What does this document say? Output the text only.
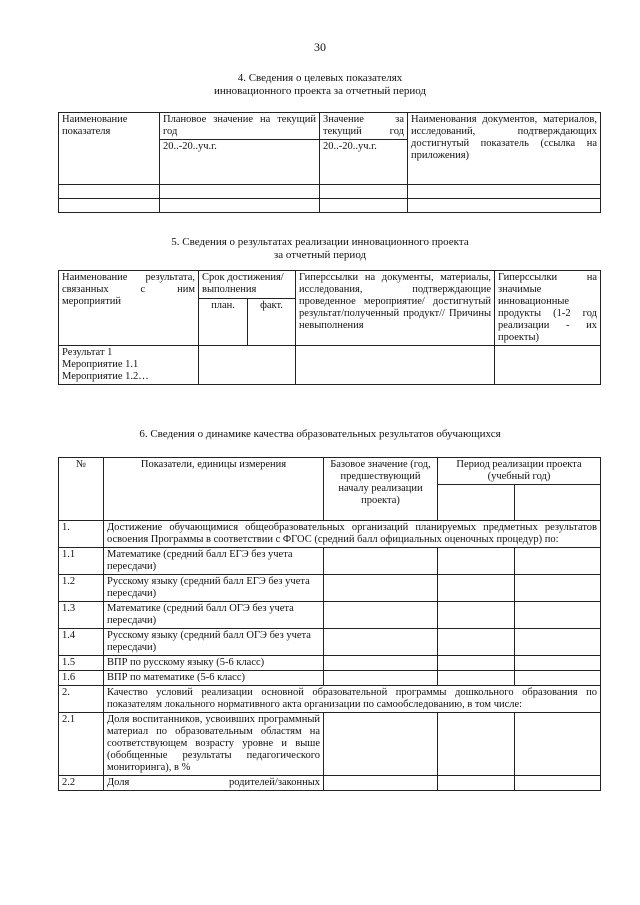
30
4. Сведения о целевых показателях
инновационного проекта за отчетный период
Наименование показателя	Плановое значение на текущий год	Значение за текущий год	Наименования документов, материалов, исследований, подтверждающих достигнутый показатель (ссылка на приложения)
	20..-20..уч.г.	20..-20..уч.г.	

5. Сведения о результатах реализации инновационного проекта
за отчетный период
Наименование результата, связанных с ним мероприятий	Срок достижения/выполнения		Гиперссылки на документы, материалы, исследования, подтверждающие проведенное мероприятие/ достигнутый результат/полученный продукт// Причины невыполнения	Гиперссылки на значимые инновационные продукты (1-2 год реализации - их проекты)
	план.	факт.		

Результат 1
Мероприятие 1.1
Мероприятие 1.2…				

6. Сведения о динамике качества образовательных результатов обучающихся
№	Показатели, единицы измерения	Базовое значение (год, предшествующий началу реализации проекта)	Период реализации проекта (учебный год)	

1.	Достижение обучающимися общеобразовательных организаций планируемых предметных результатов освоения Программы в соответствии с ФГОС (средний балл официальных оценочных процедур) по:			
1.1	Математике (средний балл ЕГЭ без учета пересдачи)			
1.2	Русскому языку (средний балл ЕГЭ без учета пересдачи)			
1.3	Математике (средний балл ОГЭ без учета пересдачи)			
1.4	Русскому языку (средний балл ОГЭ без учета пересдачи)			
1.5	ВПР по русскому языку (5-6 класс)			
1.6	ВПР по математике (5-6 класс)			
2.	Качество условий реализации основной образовательной программы дошкольного образования по показателям локального нормативного акта организации по самообследованию, в том числе:			
2.1	Доля воспитанников, усвоивших программный материал по образовательным областям на соответствующем возрасту уровне и выше (обобщенные результаты педагогического мониторинга), в %			
2.2	Доля родителей/законных			
